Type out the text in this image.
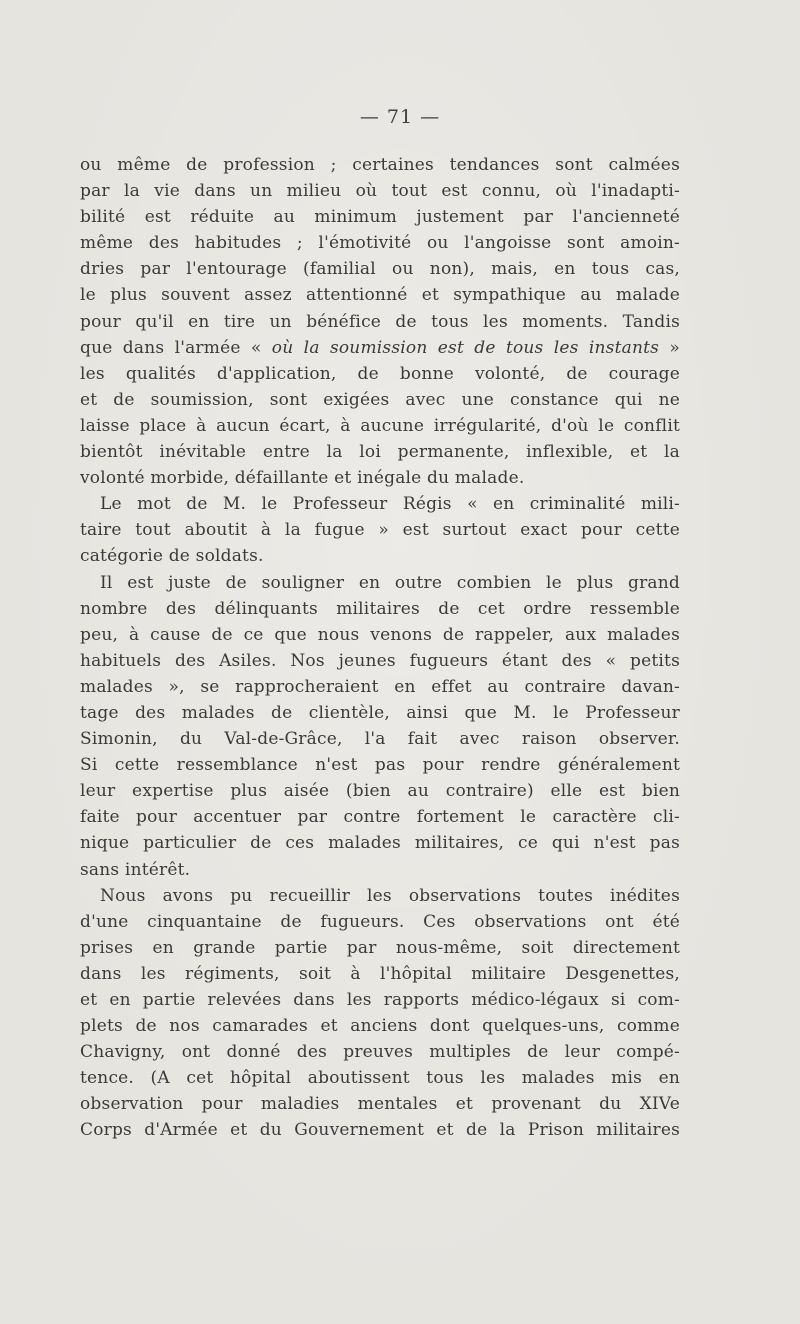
— 71 —
ou même de profession ; certaines tendances sont calmées
par la vie dans un milieu où tout est connu, où l'inadapti-
bilité est réduite au minimum justement par l'ancienneté
même des habitudes ; l'émotivité ou l'angoisse sont amoin-
dries par l'entourage (familial ou non), mais, en tous cas,
le plus souvent assez attentionné et sympathique au malade
pour qu'il en tire un bénéfice de tous les moments. Tandis
que dans l'armée « où la soumission est de tous les instants »
les qualités d'application, de bonne volonté, de courage
et de soumission, sont exigées avec une constance qui ne
laisse place à aucun écart, à aucune irrégularité, d'où le conflit
bientôt inévitable entre la loi permanente, inflexible, et la
volonté morbide, défaillante et inégale du malade.
Le mot de M. le Professeur Régis « en criminalité mili-
taire tout aboutit à la fugue » est surtout exact pour cette
catégorie de soldats.
Il est juste de souligner en outre combien le plus grand
nombre des délinquants militaires de cet ordre ressemble
peu, à cause de ce que nous venons de rappeler, aux malades
habituels des Asiles. Nos jeunes fugueurs étant des « petits
malades », se rapprocheraient en effet au contraire davan-
tage des malades de clientèle, ainsi que M. le Professeur
Simonin, du Val-de-Grâce, l'a fait avec raison observer.
Si cette ressemblance n'est pas pour rendre généralement
leur expertise plus aisée (bien au contraire) elle est bien
faite pour accentuer par contre fortement le caractère cli-
nique particulier de ces malades militaires, ce qui n'est pas
sans intérêt.
Nous avons pu recueillir les observations toutes inédites
d'une cinquantaine de fugueurs. Ces observations ont été
prises en grande partie par nous-même, soit directement
dans les régiments, soit à l'hôpital militaire Desgenettes,
et en partie relevées dans les rapports médico-légaux si com-
plets de nos camarades et anciens dont quelques-uns, comme
Chavigny, ont donné des preuves multiples de leur compé-
tence. (A cet hôpital aboutissent tous les malades mis en
observation pour maladies mentales et provenant du XIVe
Corps d'Armée et du Gouvernement et de la Prison militaires
